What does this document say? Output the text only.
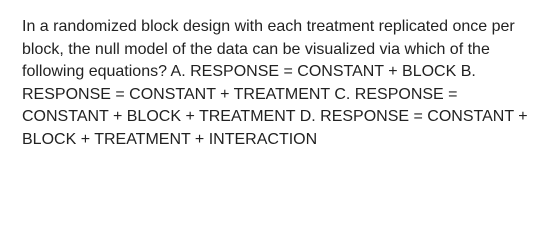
In a randomized block design with each treatment replicated once per block, the null model of the data can be visualized via which of the following equations? A. RESPONSE = CONSTANT + BLOCK B. RESPONSE = CONSTANT + TREATMENT C. RESPONSE = CONSTANT + BLOCK + TREATMENT D. RESPONSE = CONSTANT + BLOCK + TREATMENT + INTERACTION
